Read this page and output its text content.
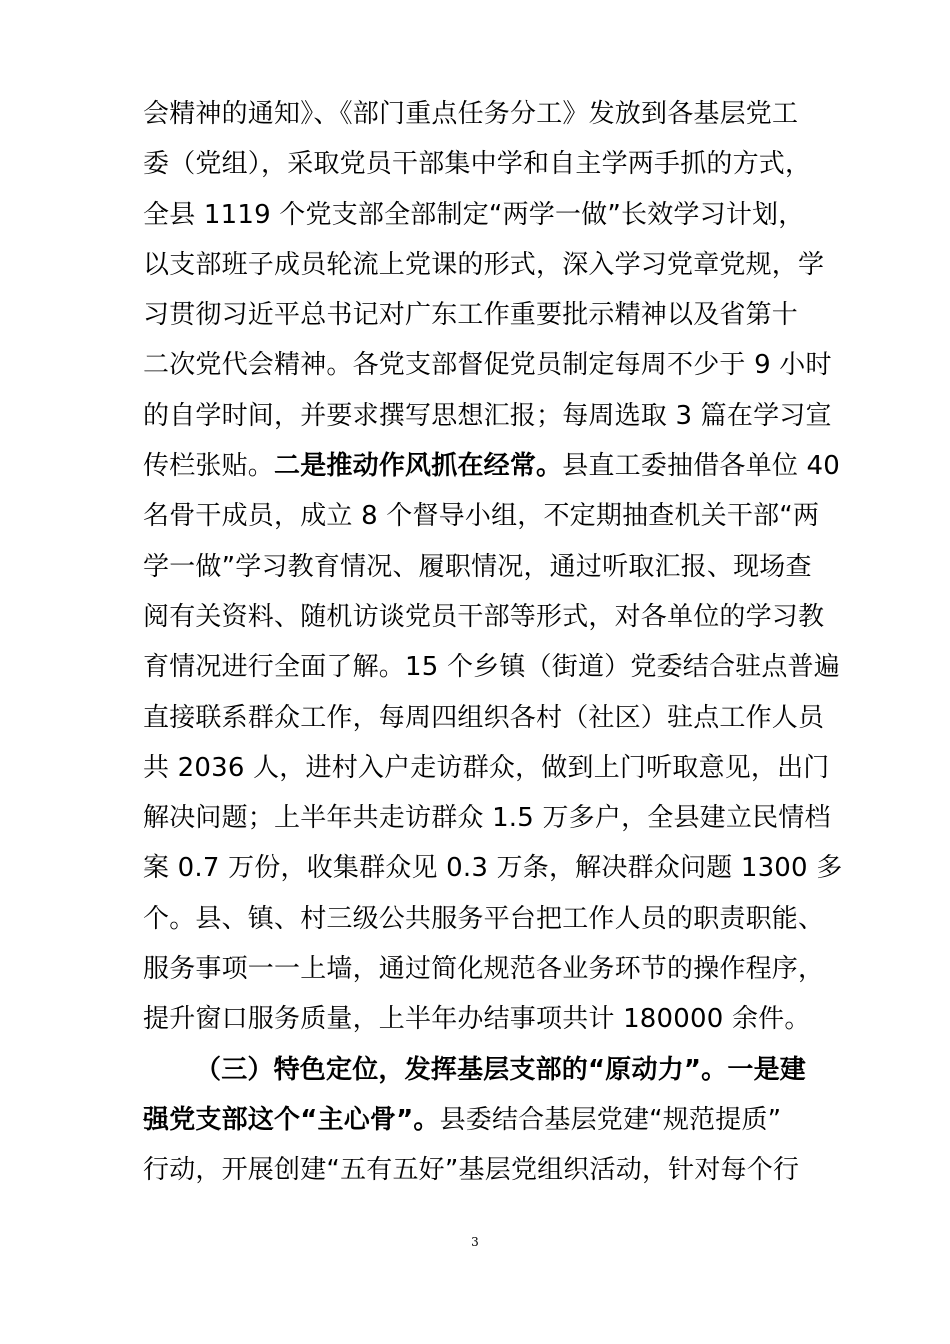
会精神的通知》、《部门重点任务分工》发放到各基层党工
委（党组），采取党员干部集中学和自主学两手抓的方式，
全县 1119 个党支部全部制定“两学一做”长效学习计划，
以支部班子成员轮流上党课的形式，深入学习党章党规，学
习贯彻习近平总书记对广东工作重要批示精神以及省第十
二次党代会精神。各党支部督促党员制定每周不少于 9 小时
的自学时间，并要求撰写思想汇报；每周选取 3 篇在学习宣
传栏张贴。二是推动作风抓在经常。县直工委抽借各单位 40
名骨干成员，成立 8 个督导小组，不定期抽查机关干部“两
学一做”学习教育情况、履职情况，通过听取汇报、现场查
阅有关资料、随机访谈党员干部等形式，对各单位的学习教
育情况进行全面了解。15 个乡镇（街道）党委结合驻点普遍
直接联系群众工作，每周四组织各村（社区）驻点工作人员
共 2036 人，进村入户走访群众，做到上门听取意见，出门
解决问题；上半年共走访群众 1.5 万多户，全县建立民情档
案 0.7 万份，收集群众见 0.3 万条，解决群众问题 1300 多
个。县、镇、村三级公共服务平台把工作人员的职责职能、
服务事项一一上墙，通过简化规范各业务环节的操作程序，
提升窗口服务质量，上半年办结事项共计 180000 余件。
（三）特色定位，发挥基层支部的“原动力”。一是建
强党支部这个“主心骨”。县委结合基层党建“规范提质”
行动，开展创建“五有五好”基层党组织活动，针对每个行
3
